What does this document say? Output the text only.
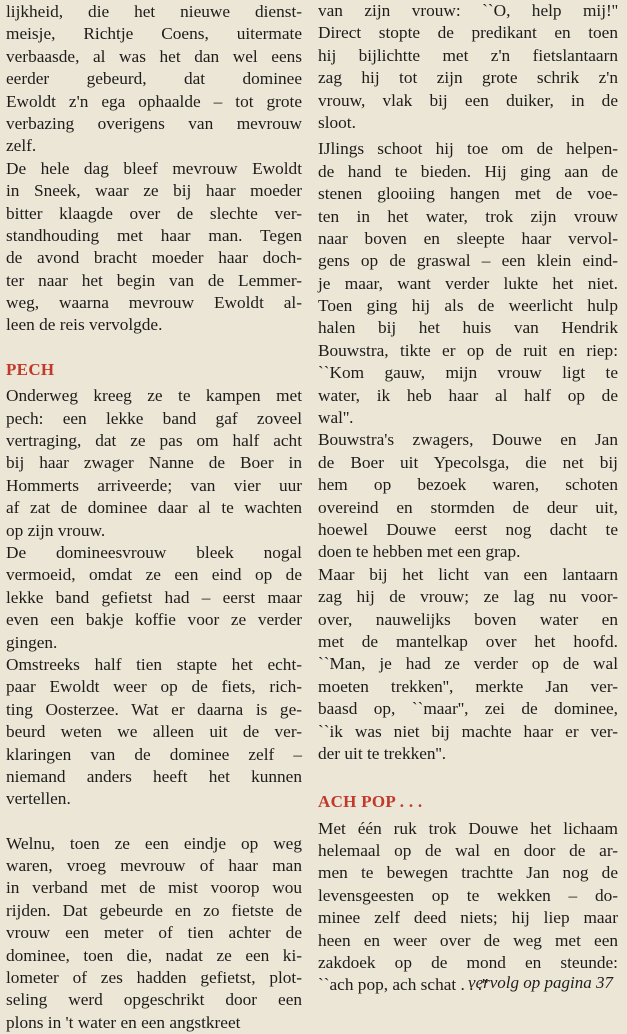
lijkheid, die het nieuwe dienst-
meisje, Richtje Coens, uitermate
verbaasde, al was het dan wel eens
eerder gebeurd, dat dominee
Ewoldt z'n ega ophaalde – tot grote
verbazing overigens van mevrouw
zelf.
De hele dag bleef mevrouw Ewoldt
in Sneek, waar ze bij haar moeder
bitter klaagde over de slechte ver-
standhouding met haar man. Tegen
de avond bracht moeder haar doch-
ter naar het begin van de Lemmer-
weg, waarna mevrouw Ewoldt al-
leen de reis vervolgde.
PECH
Onderweg kreeg ze te kampen met
pech: een lekke band gaf zoveel
vertraging, dat ze pas om half acht
bij haar zwager Nanne de Boer in
Hommerts arriveerde; van vier uur
af zat de dominee daar al te wachten
op zijn vrouw.
De domineesvrouw bleek nogal
vermoeid, omdat ze een eind op de
lekke band gefietst had – eerst maar
even een bakje koffie voor ze verder
gingen.
Omstreeks half tien stapte het echt-
paar Ewoldt weer op de fiets, rich-
ting Oosterzee. Wat er daarna is ge-
beurd weten we alleen uit de ver-
klaringen van de dominee zelf –
niemand anders heeft het kunnen
vertellen.
Welnu, toen ze een eindje op weg
waren, vroeg mevrouw of haar man
in verband met de mist voorop wou
rijden. Dat gebeurde en zo fietste de
vrouw een meter of tien achter de
dominee, toen die, nadat ze een ki-
lometer of zes hadden gefietst, plot-
seling werd opgeschrikt door een
plons in 't water en een angstkreet
van zijn vrouw: ``O, help mij!''
Direct stopte de predikant en toen
hij bijlichtte met z'n fietslantaarn
zag hij tot zijn grote schrik z'n
vrouw, vlak bij een duiker, in de
sloot.
IJlings schoot hij toe om de helpen-
de hand te bieden. Hij ging aan de
stenen glooiing hangen met de voe-
ten in het water, trok zijn vrouw
naar boven en sleepte haar vervol-
gens op de graswal – een klein eind-
je maar, want verder lukte het niet.
Toen ging hij als de weerlicht hulp
halen bij het huis van Hendrik
Bouwstra, tikte er op de ruit en riep:
``Kom gauw, mijn vrouw ligt te
water, ik heb haar al half op de
wal''.
Bouwstra's zwagers, Douwe en Jan
de Boer uit Ypecolsga, die net bij
hem op bezoek waren, schoten
overeind en stormden de deur uit,
hoewel Douwe eerst nog dacht te
doen te hebben met een grap.
Maar bij het licht van een lantaarn
zag hij de vrouw; ze lag nu voor-
over, nauwelijks boven water en
met de mantelkap over het hoofd.
``Man, je had ze verder op de wal
moeten trekken'', merkte Jan ver-
baasd op, ``maar'', zei de dominee,
``ik was niet bij machte haar er ver-
der uit te trekken''.
ACH POP . . .
Met één ruk trok Douwe het lichaam
helemaal op de wal en door de ar-
men te bewegen trachtte Jan nog de
levensgeesten op te wekken – do-
minee zelf deed niets; hij liep maar
heen en weer over de weg met een
zakdoek op de mond en steunde:
``ach pop, ach schat . . .''
vervolg op pagina 37
